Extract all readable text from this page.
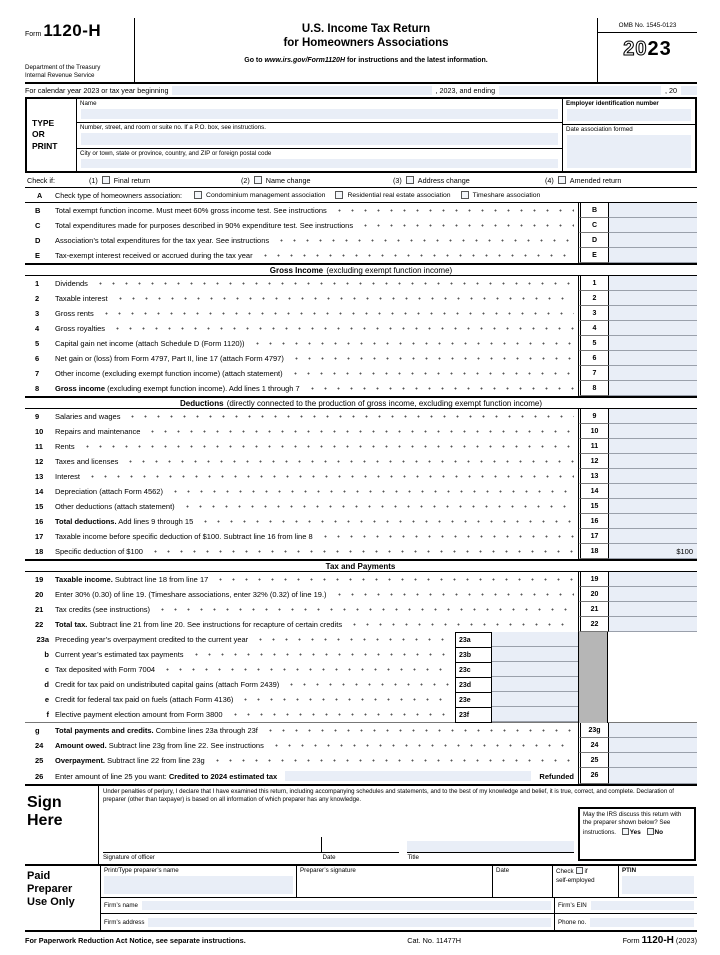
Form 1120-H
Department of the Treasury
Internal Revenue Service
U.S. Income Tax Return
for Homeowners Associations
Go to www.irs.gov/Form1120H for instructions and the latest information.
OMB No. 1545-0123
2023
For calendar year 2023 or tax year beginning	, 2023, and ending	, 20
TYPE
OR
PRINT
Name
Number, street, and room or suite no. If a P.O. box, see instructions.
City or town, state or province, country, and ZIP or foreign postal code
Employer identification number
Date association formed
Check if:	(1) Final return	(2) Name change	(3) Address change	(4) Amended return
A	Check type of homeowners association:	Condominium management association	Residential real estate association	Timeshare association
B	Total exempt function income. Must meet 60% gross income test. See instructions	B
C	Total expenditures made for purposes described in 90% expenditure test. See instructions	C
D	Association’s total expenditures for the tax year. See instructions	D
E	Tax-exempt interest received or accrued during the tax year	E
Gross Income (excluding exempt function income)
1	Dividends	1
2	Taxable interest	2
3	Gross rents	3
4	Gross royalties	4
5	Capital gain net income (attach Schedule D (Form 1120))	5
6	Net gain or (loss) from Form 4797, Part II, line 17 (attach Form 4797)	6
7	Other income (excluding exempt function income) (attach statement)	7
8	Gross income (excluding exempt function income). Add lines 1 through 7	8
Deductions (directly connected to the production of gross income, excluding exempt function income)
9	Salaries and wages	9
10	Repairs and maintenance	10
11	Rents	11
12	Taxes and licenses	12
13	Interest	13
14	Depreciation (attach Form 4562)	14
15	Other deductions (attach statement)	15
16	Total deductions. Add lines 9 through 15	16
17	Taxable income before specific deduction of $100. Subtract line 16 from line 8	17
18	Specific deduction of $100	18	$100
Tax and Payments
19	Taxable income. Subtract line 18 from line 17	19
20	Enter 30% (0.30) of line 19. (Timeshare associations, enter 32% (0.32) of line 19.)	20
21	Tax credits (see instructions)	21
22	Total tax. Subtract line 21 from line 20. See instructions for recapture of certain credits	22
23a Preceding year’s overpayment credited to the current year	23a
b Current year’s estimated tax payments	23b
c Tax deposited with Form 7004	23c
d Credit for tax paid on undistributed capital gains (attach Form 2439)	23d
e Credit for federal tax paid on fuels (attach Form 4136)	23e
f Elective payment election amount from Form 3800	23f
g	Total payments and credits. Combine lines 23a through 23f	23g
24	Amount owed. Subtract line 23g from line 22. See instructions	24
25	Overpayment. Subtract line 22 from line 23g	25
26	Enter amount of line 25 you want: Credited to 2024 estimated tax	Refunded	26
Sign
Here
Under penalties of perjury, I declare that I have examined this return, including accompanying schedules and statements, and to the best of my knowledge and belief, it is true, correct, and complete. Declaration of preparer (other than taxpayer) is based on all information of which preparer has any knowledge.
Signature of officer	Date	Title
May the IRS discuss this return with the preparer shown below? See instructions. Yes No
Paid
Preparer
Use Only
Print/Type preparer’s name	Preparer’s signature	Date	Check if
self-employed
PTIN
Firm’s name	Firm’s EIN
Firm’s address	Phone no.
For Paperwork Reduction Act Notice, see separate instructions.	Cat. No. 11477H	Form 1120-H (2023)
